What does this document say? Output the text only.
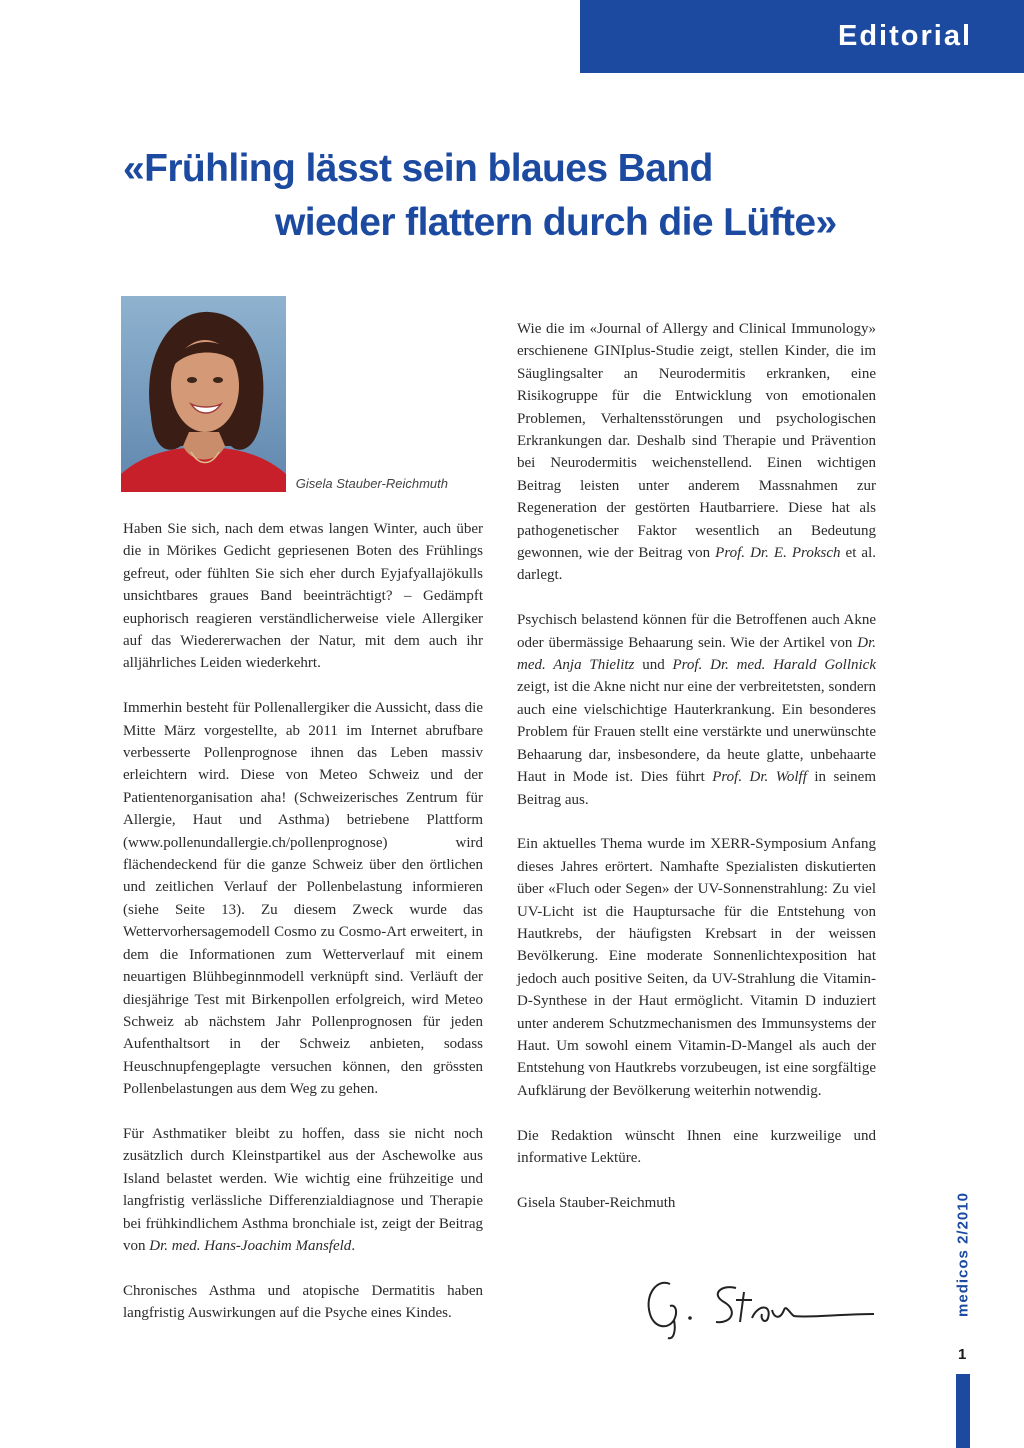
Editorial
«Frühling lässt sein blaues Band
wieder flattern durch die Lüfte»
Gisela Stauber-Reichmuth

Haben Sie sich, nach dem etwas langen Winter, auch über die in Mörikes Gedicht gepriesenen Boten des Frühlings gefreut, oder fühlten Sie sich eher durch Eyjafyallajökulls unsichtbares graues Band beeinträchtigt? – Gedämpft euphorisch reagieren verständlicherweise viele Allergiker auf das Wiedererwachen der Natur, mit dem auch ihr alljährliches Leiden wiederkehrt.

Immerhin besteht für Pollenallergiker die Aussicht, dass die Mitte März vorgestellte, ab 2011 im Internet abrufbare verbesserte Pollenprognose ihnen das Leben massiv erleichtern wird. Diese von Meteo Schweiz und der Patientenorganisation aha! (Schweizerisches Zentrum für Allergie, Haut und Asthma) betriebene Plattform (www.pollenundallergie.ch/pollenprognose) wird flächendeckend für die ganze Schweiz über den örtlichen und zeitlichen Verlauf der Pollenbelastung informieren (siehe Seite 13). Zu diesem Zweck wurde das Wettervorhersagemodell Cosmo zu Cosmo-Art erweitert, in dem die Informationen zum Wetterverlauf mit einem neuartigen Blühbeginnmodell verknüpft sind. Verläuft der diesjährige Test mit Birkenpollen erfolgreich, wird Meteo Schweiz ab nächstem Jahr Pollenprognosen für jeden Aufenthaltsort in der Schweiz anbieten, sodass Heuschnupfengeplagte versuchen können, den grössten Pollenbelastungen aus dem Weg zu gehen.

Für Asthmatiker bleibt zu hoffen, dass sie nicht noch zusätzlich durch Kleinstpartikel aus der Aschewolke aus Island belastet werden. Wie wichtig eine frühzeitige und langfristig verlässliche Differenzialdiagnose und Therapie bei frühkindlichem Asthma bronchiale ist, zeigt der Beitrag von Dr. med. Hans-Joachim Mansfeld.

Chronisches Asthma und atopische Dermatitis haben langfristig Auswirkungen auf die Psyche eines Kindes.

Wie die im «Journal of Allergy and Clinical Immunology» erschienene GINIplus-Studie zeigt, stellen Kinder, die im Säuglingsalter an Neurodermitis erkranken, eine Risikogruppe für die Entwicklung von emotionalen Problemen, Verhaltensstörungen und psychologischen Erkrankungen dar. Deshalb sind Therapie und Prävention bei Neurodermitis weichenstellend. Einen wichtigen Beitrag leisten unter anderem Massnahmen zur Regeneration der gestörten Hautbarriere. Diese hat als pathogenetischer Faktor wesentlich an Bedeutung gewonnen, wie der Beitrag von Prof. Dr. E. Proksch et al. darlegt.

Psychisch belastend können für die Betroffenen auch Akne oder übermässige Behaarung sein. Wie der Artikel von Dr. med. Anja Thielitz und Prof. Dr. med. Harald Gollnick zeigt, ist die Akne nicht nur eine der verbreitetsten, sondern auch eine vielschichtige Hauterkrankung. Ein besonderes Problem für Frauen stellt eine verstärkte und unerwünschte Behaarung dar, insbesondere, da heute glatte, unbehaarte Haut in Mode ist. Dies führt Prof. Dr. Wolff in seinem Beitrag aus.

Ein aktuelles Thema wurde im XERR-Symposium Anfang dieses Jahres erörtert. Namhafte Spezialisten diskutierten über «Fluch oder Segen» der UV-Sonnenstrahlung: Zu viel UV-Licht ist die Hauptursache für die Entstehung von Hautkrebs, der häufigsten Krebsart in der weissen Bevölkerung. Eine moderate Sonnenlichtexposition hat jedoch auch positive Seiten, da UV-Strahlung die Vitamin-D-Synthese in der Haut ermöglicht. Vitamin D induziert unter anderem Schutzmechanismen des Immunsystems der Haut. Um sowohl einem Vitamin-D-Mangel als auch der Entstehung von Hautkrebs vorzubeugen, ist eine sorgfältige Aufklärung der Bevölkerung weiterhin notwendig.

Die Redaktion wünscht Ihnen eine kurzweilige und informative Lektüre.

Gisela Stauber-Reichmuth	medicos 2/2010
1
